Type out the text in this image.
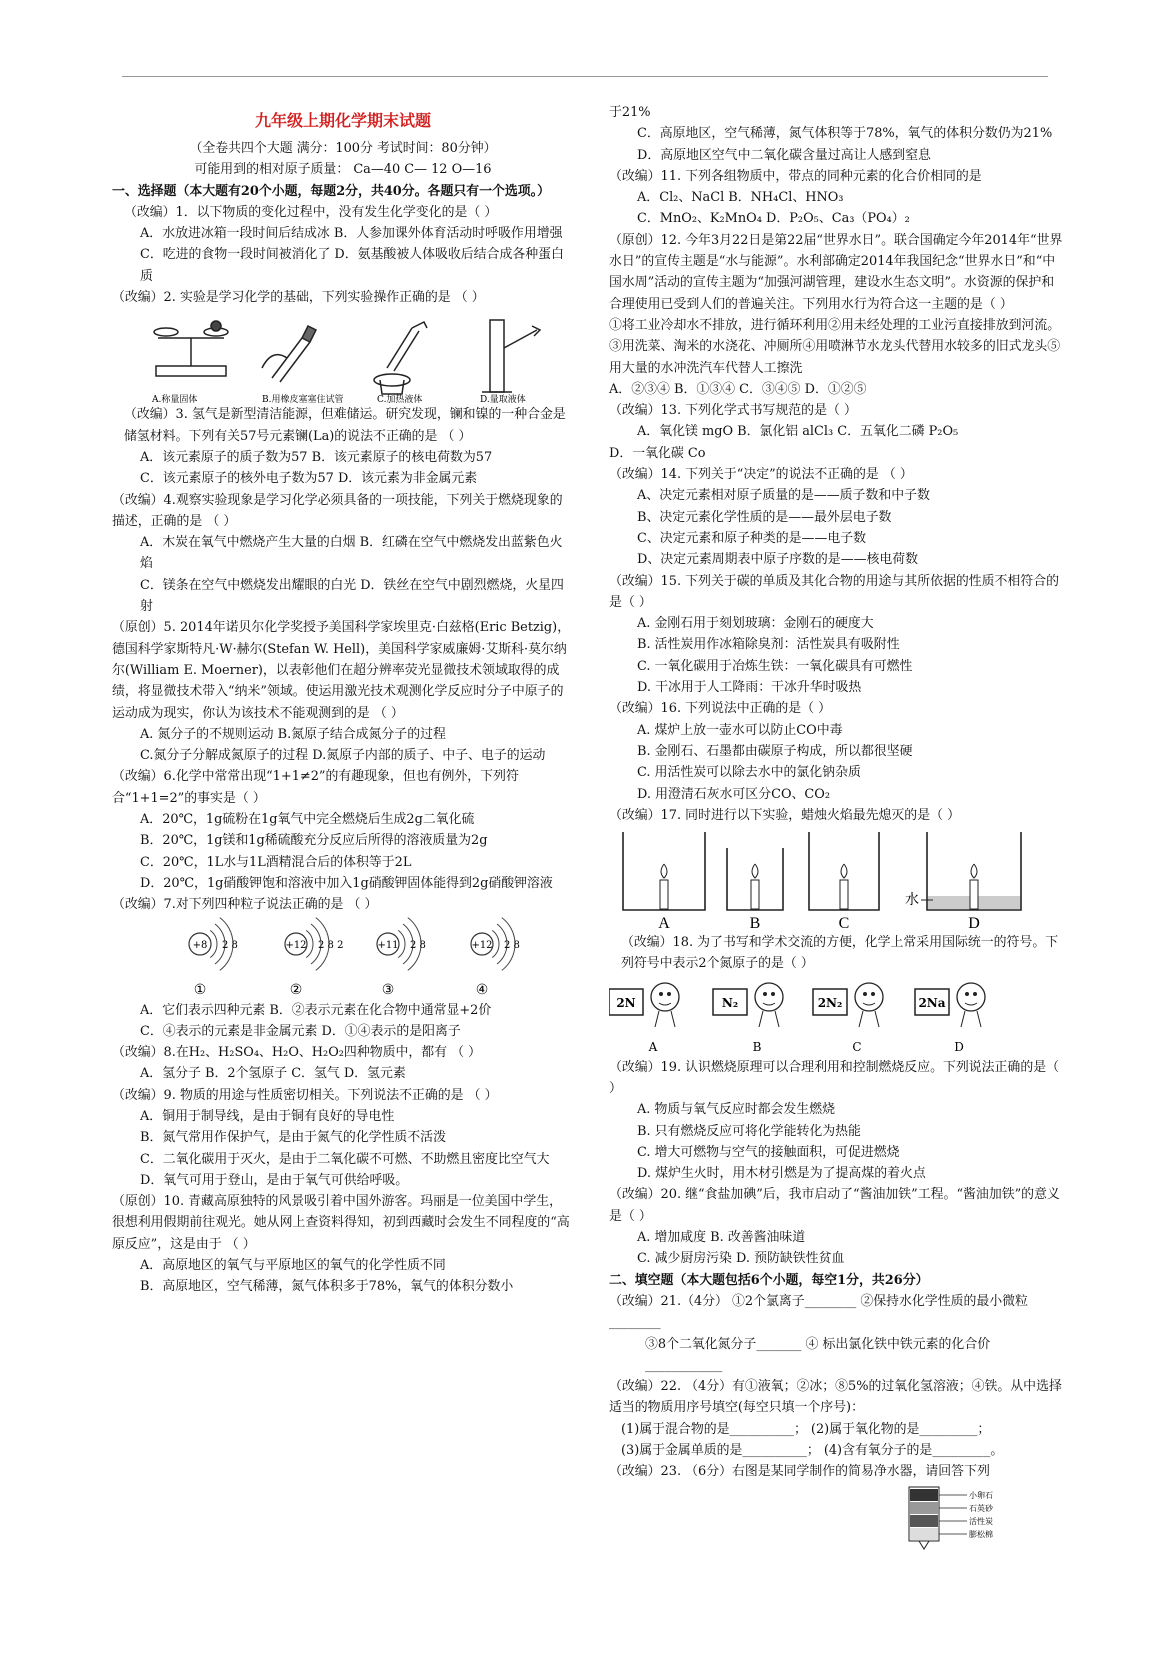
九年级上期化学期末试题
（全卷共四个大题 满分：100分 考试时间：80分钟）
可能用到的相对原子质量： Ca—40 C— 12 O—16
一、选择题（本大题有20个小题，每题2分，共40分。各题只有一个选项。）
（改编）1．以下物质的变化过程中，没有发生化学变化的是（ ）
A．水放进冰箱一段时间后结成冰 B．人参加课外体育活动时呼吸作用增强
C．吃进的食物一段时间被消化了 D．氨基酸被人体吸收后结合成各种蛋白质
（改编）2. 实验是学习化学的基础，下列实验操作正确的是 （ ）
A.称量固体	B.用橡皮塞塞住试管	C.加热液体	D.量取液体
（改编）3. 氢气是新型清洁能源，但难储运。研究发现，镧和镍的一种合金是储氢材料。下列有关57号元素镧(La)的说法不正确的是 （ ）
A．该元素原子的质子数为57 B．该元素原子的核电荷数为57
C．该元素原子的核外电子数为57 D．该元素为非金属元素
（改编）4.观察实验现象是学习化学必须具备的一项技能，下列关于燃烧现象的描述，正确的是 （ ）
A．木炭在氧气中燃烧产生大量的白烟 B．红磷在空气中燃烧发出蓝紫色火焰
C．镁条在空气中燃烧发出耀眼的白光 D．铁丝在空气中剧烈燃烧，火星四射
（原创）5. 2014年诺贝尔化学奖授予美国科学家埃里克·白兹格(Eric Betzig)，德国科学家斯特凡·W·赫尔(Stefan W. Hell)，美国科学家威廉姆·艾斯科·莫尔纳尔(William E. Moerner)，以表彰他们在超分辨率荧光显微技术领域取得的成绩，将显微技术带入“纳米”领域。使运用激光技术观测化学反应时分子中原子的运动成为现实，你认为该技术不能观测到的是 （ ）
A. 氮分子的不规则运动 B.氮原子结合成氮分子的过程
C.氮分子分解成氮原子的过程 D.氮原子内部的质子、中子、电子的运动
（改编）6.化学中常常出现“1+1≠2”的有趣现象，但也有例外，下列符合“1+1=2”的事实是（ ）
A．20℃，1g硫粉在1g氧气中完全燃烧后生成2g二氧化硫
B．20℃，1g镁和1g稀硫酸充分反应后所得的溶液质量为2g
C．20℃，1L水与1L酒精混合后的体积等于2L
D．20℃，1g硝酸钾饱和溶液中加入1g硝酸钾固体能得到2g硝酸钾溶液
（改编）7.对下列四种粒子说法正确的是 （ ）
+8 2 8
①
+12 2 8 2
②
+11 2 8
③
+12 2 8
④
A．它们表示四种元素 B．②表示元素在化合物中通常显+2价
C．④表示的元素是非金属元素 D．①④表示的是阳离子
（改编）8.在H₂、H₂SO₄、H₂O、H₂O₂四种物质中，都有 （ ）
A．氢分子 B．2个氢原子 C．氢气 D．氢元素
（改编）9. 物质的用途与性质密切相关。下列说法不正确的是 （ ）
A．铜用于制导线，是由于铜有良好的导电性
B．氮气常用作保护气，是由于氮气的化学性质不活泼
C．二氧化碳用于灭火，是由于二氧化碳不可燃、不助燃且密度比空气大
D．氧气可用于登山，是由于氧气可供给呼吸。
（原创）10. 青藏高原独特的风景吸引着中国外游客。玛丽是一位美国中学生，很想利用假期前往观光。她从网上查资料得知，初到西藏时会发生不同程度的“高原反应”，这是由于 （ ）
A．高原地区的氧气与平原地区的氧气的化学性质不同
B．高原地区，空气稀薄，氮气体积多于78%，氧气的体积分数小
于21%
C．高原地区，空气稀薄，氮气体积等于78%，氧气的体积分数仍为21%
D．高原地区空气中二氧化碳含量过高让人感到窒息
（改编）11. 下列各组物质中，带点的同种元素的化合价相同的是
A．Cl₂、NaCl B．NH₄Cl、HNO₃
C．MnO₂、K₂MnO₄ D．P₂O₅、Ca₃（PO₄）₂
（原创）12. 今年3月22日是第22届“世界水日”。联合国确定今年2014年“世界水日”的宣传主题是“水与能源”。水利部确定2014年我国纪念“世界水日”和“中国水周”活动的宣传主题为“加强河湖管理，建设水生态文明”。水资源的保护和合理使用已受到人们的普遍关注。下列用水行为符合这一主题的是（ ）
①将工业冷却水不排放，进行循环利用②用未经处理的工业污直接排放到河流。③用洗菜、淘米的水浇花、冲厕所④用喷淋节水龙头代替用水较多的旧式龙头⑤用大量的水冲洗汽车代替人工擦洗
A．②③④ B．①③④ C．③④⑤ D．①②⑤
（改编）13. 下列化学式书写规范的是（ ）
A．氧化镁 mgO B．氯化铝 alCl₃ C．五氧化二磷 P₂O₅
D．一氧化碳 Co
（改编）14. 下列关于“决定”的说法不正确的是 （ ）
A、决定元素相对原子质量的是——质子数和中子数
B、决定元素化学性质的是——最外层电子数
C、决定元素和原子种类的是——电子数
D、决定元素周期表中原子序数的是——核电荷数
（改编）15. 下列关于碳的单质及其化合物的用途与其所依据的性质不相符合的是（ ）
A. 金刚石用于刻划玻璃：金刚石的硬度大
B. 活性炭用作冰箱除臭剂：活性炭具有吸附性
C. 一氧化碳用于冶炼生铁：一氧化碳具有可燃性
D. 干冰用于人工降雨：干冰升华时吸热
（改编）16. 下列说法中正确的是（ ）
A. 煤炉上放一壶水可以防止CO中毒
B. 金刚石、石墨都由碳原子构成，所以都很坚硬
C. 用活性炭可以除去水中的氯化钠杂质
D. 用澄清石灰水可区分CO、CO₂
（改编）17. 同时进行以下实验，蜡烛火焰最先熄灭的是（ ）
A	B	C	D
水
（改编）18. 为了书写和学术交流的方便，化学上常采用国际统一的符号。下列符号中表示2个氮原子的是（ ）
2N
A
N₂
B
2N₂
C
2Na
D
（改编）19. 认识燃烧原理可以合理利用和控制燃烧反应。下列说法正确的是（ ）
A. 物质与氧气反应时都会发生燃烧
B. 只有燃烧反应可将化学能转化为热能
C. 增大可燃物与空气的接触面积，可促进燃烧
D. 煤炉生火时，用木材引燃是为了提高煤的着火点
（改编）20. 继“食盐加碘”后，我市启动了“酱油加铁”工程。“酱油加铁”的意义是（ ）
A. 增加咸度 B. 改善酱油味道
C. 减少厨房污染 D. 预防缺铁性贫血
二、填空题（本大题包括6个小题，每空1分，共26分）
（改编）21.（4分） ①2个氯离子________ ②保持水化学性质的最小微粒________
③8个二氧化氮分子_______ ④ 标出氯化铁中铁元素的化合价____________
（改编）22. （4分）有①液氧；②冰；⑧5%的过氧化氢溶液；④铁。从中选择适当的物质用序号填空(每空只填一个序号)：
(1)属于混合物的是__________； (2)属于氧化物的是_________；
(3)属于金属单质的是__________； (4)含有氧分子的是_________。
（改编）23. （6分）右图是某同学制作的简易净水器，请回答下列
小卵石
石英砂
活性炭
膨松棉
